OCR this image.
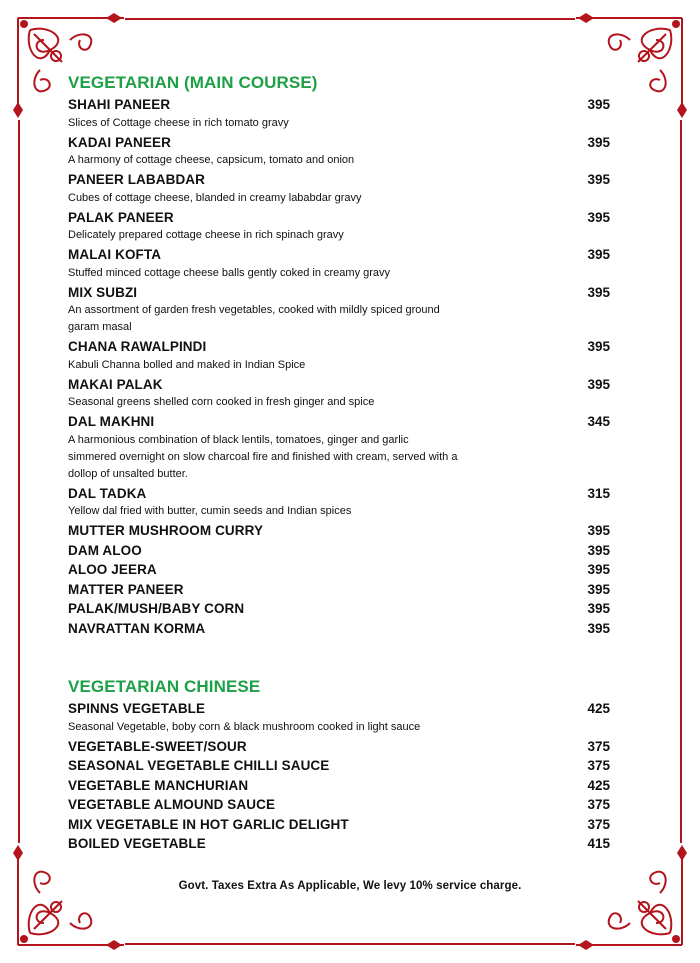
VEGETARIAN (MAIN COURSE)
SHAHI PANEER	395
Slices of Cottage cheese in rich tomato gravy
KADAI PANEER	395
A harmony of cottage cheese, capsicum, tomato and onion
PANEER LABABDAR	395
Cubes of cottage cheese, blanded in creamy lababdar gravy
PALAK PANEER	395
Delicately prepared cottage cheese in rich spinach gravy
MALAI KOFTA	395
Stuffed minced cottage cheese balls gently coked in creamy gravy
MIX SUBZI	395
An assortment of garden fresh vegetables, cooked with mildly spiced ground garam masal
CHANA RAWALPINDI	395
Kabuli Channa bolled and maked in Indian Spice
MAKAI PALAK	395
Seasonal greens shelled corn cooked in fresh ginger and spice
DAL MAKHNI	345
A harmonious combination of black lentils, tomatoes, ginger and garlic simmered overnight on slow charcoal fire and finished with cream, served with a dollop of unsalted butter.
DAL TADKA	315
Yellow dal fried with butter, cumin seeds and Indian spices
MUTTER MUSHROOM CURRY	395
DAM ALOO	395
ALOO JEERA	395
MATTER PANEER	395
PALAK/MUSH/BABY CORN	395
NAVRATTAN KORMA	395
VEGETARIAN CHINESE
SPINNS VEGETABLE	425
Seasonal Vegetable, boby corn & black mushroom cooked in light sauce
VEGETABLE-SWEET/SOUR	375
SEASONAL VEGETABLE CHILLI SAUCE	375
VEGETABLE MANCHURIAN	425
VEGETABLE ALMOUND SAUCE	375
MIX VEGETABLE IN HOT GARLIC DELIGHT	375
BOILED VEGETABLE	415
Govt. Taxes Extra As Applicable, We levy 10% service charge.
